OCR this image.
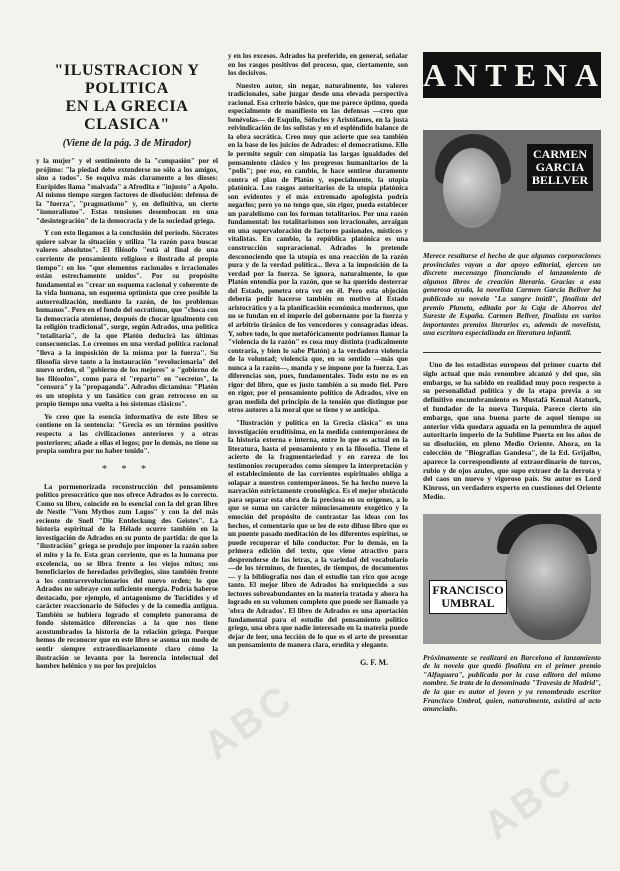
"ILUSTRACION Y POLITICA
EN LA GRECIA CLASICA"
(Viene de la pág. 3 de Mirador)

y la mujer" y el sentimiento de la "compasión" por el prójimo: "la piedad debe extenderse no sólo a los amigos, sino a todos". Se esquiva más claramente a los dioses: Eurípides llama "malvada" a Afrodita e "injusto" a Apolo. Al mismo tiempo surgen factores de disolución: defensa de la "fuerza", "pragmatismo" y, en definitiva, un cierto "inmoralismo". Estas tensiones desembocan en una "desintegración" de la democracia y de la sociedad griega.

Y con esto llegamos a la conclusión del período. Sócrates quiere salvar la situación y utiliza "la razón para buscar valores absolutos". El filósofo "está al final de una corriente de pensamiento religioso e ilustrado al propio tiempo": en los "que elementos racionales e irracionales están estrechamente unidos". Por su propósito fundamental es "crear un esquema racional y coherente de la vida humana, un esquema optimista que cree posible la autorrealización, mediante la razón, de los problemas humanos". Pero en el fondo del socratismo, que "choca con la democracia ateniense, después de chocar igualmente con la religión tradicional", surge, según Adrados, una política "totalitaria", de la que Platón deducirá las últimas consecuencias. Lo creemos en una verdad política racional "lleva a la imposición de la misma por la fuerza". Su filosofía sirve tanto a la instauración "revolucionaria" del nuevo orden, el "gobierno de los mejores" o "gobierno de los filósofos", como para el "reparto" en "secretos", la "censura" y la "propaganda". Adrados dictamina: "Platón es un utopista y un fanático con gran retroceso en su propio tiempo una vuelta a los sistemas clásicos".

Yo creo que la esencia informativa de este libro se contiene en la sentencia: "Grecia es un término positivo respecto a las civilizaciones anteriores y a otras posteriores; añade a ellas el logos; por lo demás, no tiene su propia sombra por no haber tenido".

* * *

La pormenorizada reconstrucción del pensamiento político presocrático que nos ofrece Adrados es lo correcto. Como su libro, coincide en lo esencial con la del gran libro de Nestle "Vom Mythos zum Logos" y con la del más reciente de Snell "Die Entdeckung des Geistes". La historia espiritual de la Hélade ocurre también en la investigación de Adrados en su punto de partida: de que la "ilustración" griega se produjo por imponer la razón sobre el mito y la fe. Esta gran corriente, que es la humana por excelencia, no se libra frente a los viejos mitos; sus beneficiarios de heredados privilegios, sino también frente a los contrarrevolucionarios del nuevo orden; lo que Adrados no subraye con suficiente energía. Podría haberse destacado, por ejemplo, el antagonismo de Tucídides y el carácter reaccionario de Sófocles y de la comedia antigua. También se hubiera logrado el completo panorama de fondo sistemático diferencias a la que nos tiene acostumbrados la historia de la relación griega. Porque hemos de reconocer que en este libro se asoma un modo de sentir siempre extraordinariamente claro cómo la ilustración se levanta por la herencia intelectual del hombre helénico y no por los prejuicios

y en los excesos. Adrados ha preferido, en general, señalar en los rasgos positivos del proceso, que, ciertamente, son los decisivos.

Nuestro autor, sin negar, naturalmente, los valores tradicionales, sabe juzgar desde una elevada perspectiva racional. Esa criterio básico, que me parece óptimo, queda especialmente de manifiesto en las defensas —creo que benévolas— de Esquilo, Sófocles y Aristófanes, en la justa reivindicación de los sofistas y en el espléndido balance de la obra socrática. Creo muy que acierte que sea también en la base de los juicios de Adrados: el democratismo. Ello le permite seguir con simpatía las largas igualdades del pensamiento clásico y los progresos humanitarios de la "polis"; por eso, en cambio, le hace sentirse duramente contra el plan de Platón y, especialmente, la utopía platónica. Los rasgos autoritarios de la utopía platónica son evidentes y el más extremado apologista podría negarlos; pero yo no tengo que, sin rigor, pueda establecer un paralelismo con los forman totalitarios. Por una razón fundamental: los totalitarismos son irracionales, arraigan en una supervaloración de factores pasionales, místicos y vitalistas. En cambio, la república platónica es una construcción supraracional. Adrados lo pretende desconociendo que la utopía es una reacción de la razón pura y de la verdad política... lleva a la imposición de la verdad por la fuerza. Se ignora, naturalmente, lo que Platón entendía por la razón, que se ha querido desterrar del Estado, penetra otra vez en él. Pero esta objeción debería pedir hacerse también en motivo al Estado aristocrático y a la planificación económica modernos, que no se fundan en el imperio del gobernante por la fuerza y el arbitrio tiránico de los vencedores y consagradas ideas. Y, sobre todo, lo que metafóricamente podríamos llamar la "violencia de la razón" es cosa muy distinta (radicalmente contraria, y bien lo sabe Platón) a la verdadera violencia de la voluntad; violencia que, en su sentido —más que nunca a la razón—, manda y se impone por la fuerza. Las diferencias son, pues, fundamentales. Todo esto no es en rigor del libro, que es justo también a su modo fiel. Pero en rigor, por el pensamiento político de Adrados, vive en gran medida del principio de la tensión que distingue por otros autores a la moral que se tiene y se anticipa.

"Ilustración y política en la Grecia clásica" es una investigación eruditísima, en la medida contemporánea de la historia externa e interna, entre lo que es actual en la literatura, hasta el pensamiento y en la filosofía. Tiene el acierto de la fragmentariedad y en rareza de los testimonios recuperados como siempre la interpretación y el establecimiento de las corrientes espirituales obliga a solapar a nuestros contemporáneos. Se ha hecho nuevo la narración estrictamente cronológica. Es el mejor obstáculo para separar esta obra de la preciosa en su orígenes, a lo que se suma un carácter minuciosamente exegético y la emoción del propósito de contrastar las ideas con los hechos, el comentario que se lee de este difuso libro que es un puente pasado meditación de los diferentes espíritus, se puede recuperar el hilo conductor. Por lo demás, en la primera edición del texto, que viene atractivo para desprenderse de las letras, a la variedad del vocabulario —de los términos, de fuentes, de tiempos, de documentos— y la bibliografía nos dan el estudio tan rico que acoge tanto. El mejor libro de Adrados ha enriquecido a sus lectores sobreabundantes en la materia tratada y ahora ha logrado en su volumen completo que puede ser llamado ya 'obra de Adrados'. El libro de Adrados es una aportación fundamental para el estudio del pensamiento político griego, una obra que nadie interesado en la materia puede dejar de leer, una lección de lo que es el arte de presentar un pensamiento de manera clara, erudita y elegante.

G. F. M.
ANTENA
CARMEN GARCIA BELLVER
Merece resaltarse el hecho de que algunas corporaciones provinciales vayan a dar apoyo editorial, ejercen un discreto mecenazgo financiando el lanzamiento de algunos libros de creación literaria. Gracias a esta generosa ayuda, la novelista Carmen García Bellver ha publicado su novela "La sangre inútil", finalista del premio Planeta, editada por la Caja de Ahorros del Sureste de España. Carmen Bellver, finalista en varios importantes premios literarios es, además de novelista, una escritora especializada en literatura infantil.

Uno de los estadistas europeos del primer cuarto del siglo actual que más renombre alcanzó y del que, sin embargo, se ha sabido en realidad muy poco respecto a su personalidad política y de la etapa previa a su definitivo encumbramiento es Mustafá Kemal Ataturk, el fundador de la nueva Turquía. Parece cierto sin embargo, que una buena parte de aquel tiempo su anterior vida quedara aguada en la penumbra de aquel autoritario imperio de la Sublime Puerta en los años de su disolución, en pleno Medio Oriente. Ahora, en la colección de "Biografías Gandesa", de la Ed. Grijalbo, aparece la correspondiente al extraordinario de turcos, rubio y de ojos azules, que supo extraer de la derrota y del caos un nuevo y vigoroso país. Su autor es Lord Kinross, un verdadero experto en cuestiones del Oriente Medio.

FRANCISCO UMBRAL
Próximamente se realizará en Barcelona el lanzamiento de la novela que quedó finalista en el primer premio "Alfaguara", publicada por la casa editora del mismo nombre. Se trata de la denominada "Travesía de Madrid", de la que es autor el joven y ya renombrado escritor Francisco Umbral, quien, naturalmente, asistirá al acto anunciado.
ABC
ABC
